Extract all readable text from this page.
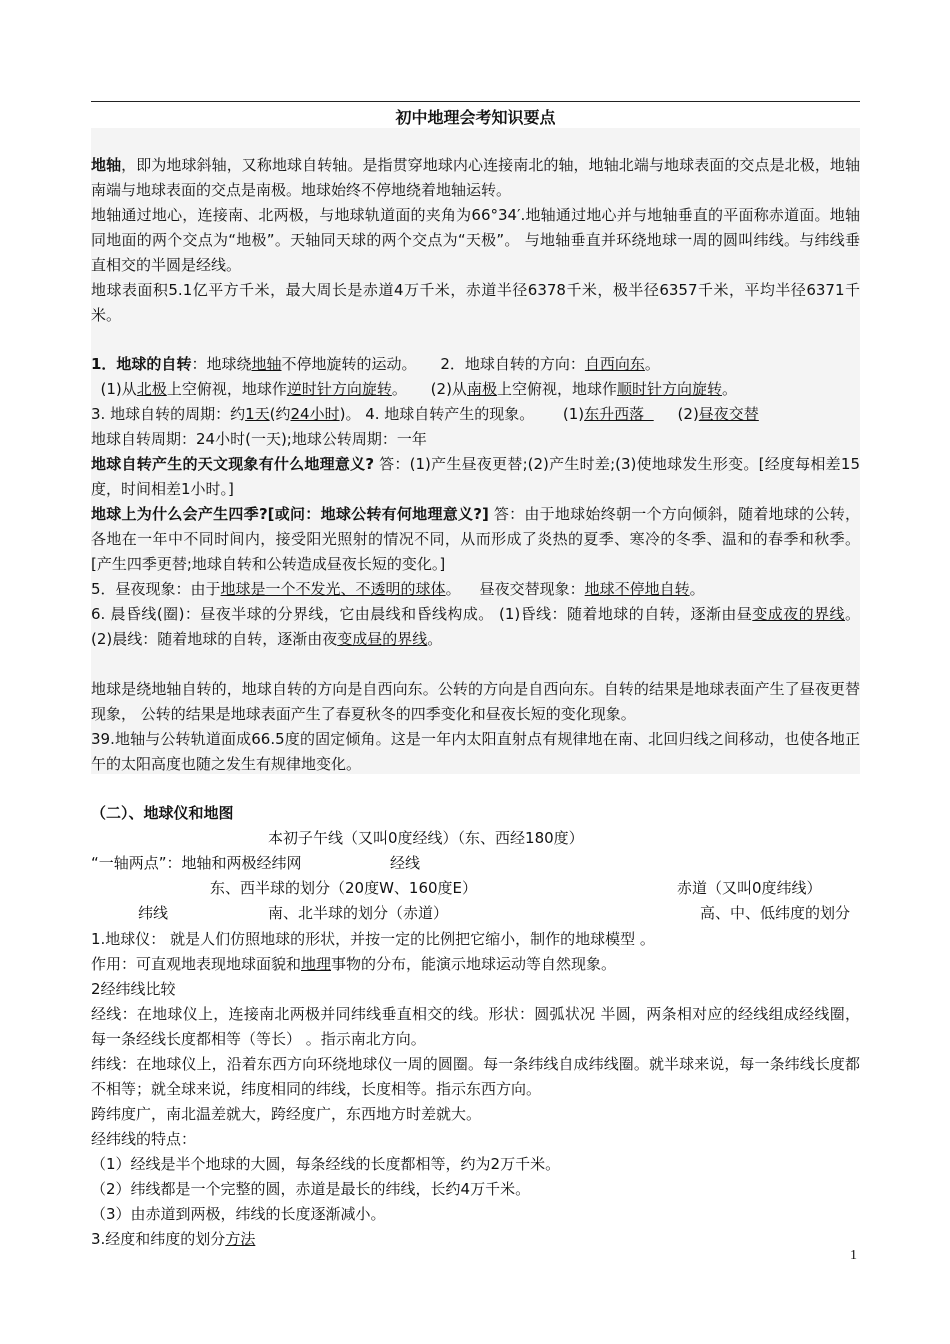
初中地理会考知识要点
地轴，即为地球斜轴，又称地球自转轴。是指贯穿地球内心连接南北的轴，地轴北端与地球表面的交点是北极，地轴南端与地球表面的交点是南极。地球始终不停地绕着地轴运转。
地轴通过地心，连接南、北两极，与地球轨道面的夹角为66°34′.地轴通过地心并与地轴垂直的平面称赤道面。地轴同地面的两个交点为“地极”。天轴同天球的两个交点为“天极”。 与地轴垂直并环绕地球一周的圆叫纬线。与纬线垂直相交的半圆是经线。
地球表面积5.1亿平方千米，最大周长是赤道4万千米，赤道半径6378千米，极半径6357千米，平均半径6371千米。
1．地球的自转：地球绕地轴不停地旋转的运动。     2．地球自转的方向：自西向东。
(1)从北极上空俯视，地球作逆时针方向旋转。     (2)从南极上空俯视，地球作顺时针方向旋转。
3. 地球自转的周期：约1天(约24小时)。 4. 地球自转产生的现象。      (1)东升西落       (2)昼夜交替
地球自转周期：24小时(一天);地球公转周期：一年
地球自转产生的天文现象有什么地理意义? 答：(1)产生昼夜更替;(2)产生时差;(3)使地球发生形变。[经度每相差15度，时间相差1小时。]
地球上为什么会产生四季?[或问：地球公转有何地理意义?] 答：由于地球始终朝一个方向倾斜，随着地球的公转，各地在一年中不同时间内，接受阳光照射的情况不同，从而形成了炎热的夏季、寒冷的冬季、温和的春季和秋季。[产生四季更替;地球自转和公转造成昼夜长短的变化。]
5．昼夜现象：由于地球是一个不发光、不透明的球体。    昼夜交替现象：地球不停地自转。
6. 晨昏线(圈)：昼夜半球的分界线，它由晨线和昏线构成。 (1)昏线：随着地球的自转，逐渐由昼变成夜的界线。     (2)晨线：随着地球的自转，逐渐由夜变成昼的界线。
地球是绕地轴自转的，地球自转的方向是自西向东。公转的方向是自西向东。自转的结果是地球表面产生了昼夜更替现象， 公转的结果是地球表面产生了春夏秋冬的四季变化和昼夜长短的变化现象。
39.地轴与公转轨道面成66.5度的固定倾角。这是一年内太阳直射点有规律地在南、北回归线之间移动，也使各地正午的太阳高度也随之发生有规律地变化。
（二）、地球仪和地图
本初子午线（又叫0度经线）（东、西经180度）
“一轴两点”：地轴和两极经纬网	经线
东、西半球的划分（20度W、160度E）	赤道（又叫0度纬线）
纬线	南、北半球的划分（赤道）	高、中、低纬度的划分
1.地球仪： 就是人们仿照地球的形状，并按一定的比例把它缩小，制作的地球模型 。
作用：可直观地表现地球面貌和地理事物的分布，能演示地球运动等自然现象。
2经纬线比较
经线：在地球仪上，连接南北两极并同纬线垂直相交的线。形状：圆弧状况 半圆，两条相对应的经线组成经线圈，每一条经线长度都相等（等长） 。指示南北方向。
纬线：在地球仪上，沿着东西方向环绕地球仪一周的圆圈。每一条纬线自成纬线圈。就半球来说，每一条纬线长度都不相等；就全球来说，纬度相同的纬线，长度相等。指示东西方向。
跨纬度广，南北温差就大，跨经度广，东西地方时差就大。
经纬线的特点：
（1）经线是半个地球的大圆，每条经线的长度都相等，约为2万千米。
（2）纬线都是一个完整的圆，赤道是最长的纬线，长约4万千米。
（3）由赤道到两极，纬线的长度逐渐减小。
3.经度和纬度的划分方法
1
